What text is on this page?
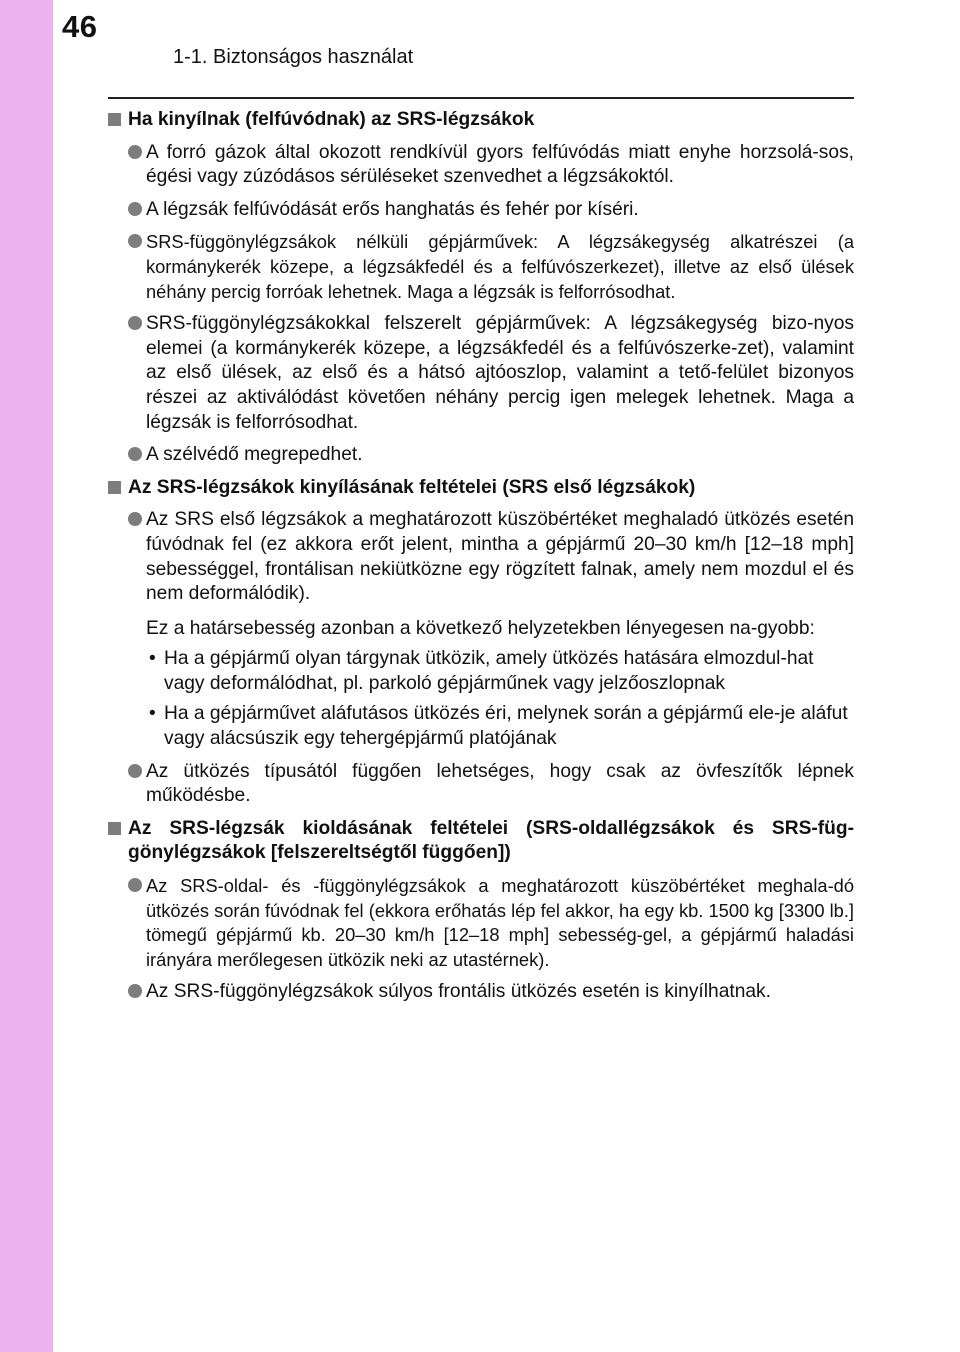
46
1-1. Biztonságos használat
Ha kinyílnak (felfúvódnak) az SRS-légzsákok
A forró gázok által okozott rendkívül gyors felfúvódás miatt enyhe horzsolá-sos, égési vagy zúzódásos sérüléseket szenvedhet a légzsákoktól.
A légzsák felfúvódását erős hanghatás és fehér por kíséri.
SRS-függönylégzsákok nélküli gépjárművek: A légzsákegység alkatrészei (a kormánykerék közepe, a légzsákfedél és a felfúvószerkezet), illetve az első ülések néhány percig forróak lehetnek. Maga a légzsák is felforrósodhat.
SRS-függönylégzsákokkal felszerelt gépjárművek: A légzsákegység bizo-nyos elemei (a kormánykerék közepe, a légzsákfedél és a felfúvószerke-zet), valamint az első ülések, az első és a hátsó ajtóoszlop, valamint a tető-felület bizonyos részei az aktiválódást követően néhány percig igen melegek lehetnek. Maga a légzsák is felforrósodhat.
A szélvédő megrepedhet.
Az SRS-légzsákok kinyílásának feltételei (SRS első légzsákok)
Az SRS első légzsákok a meghatározott küszöbértéket meghaladó ütközés esetén fúvódnak fel (ez akkora erőt jelent, mintha a gépjármű 20–30 km/h [12–18 mph] sebességgel, frontálisan nekiütközne egy rögzített falnak, amely nem mozdul el és nem deformálódik).
Ez a határsebesség azonban a következő helyzetekben lényegesen na-gyobb:
• Ha a gépjármű olyan tárgynak ütközik, amely ütközés hatására elmozdul-hat vagy deformálódhat, pl. parkoló gépjárműnek vagy jelzőoszlopnak
• Ha a gépjárművet aláfutásos ütközés éri, melynek során a gépjármű ele-je aláfut vagy alácsúszik egy tehergépjármű platójának
Az ütközés típusától függően lehetséges, hogy csak az övfeszítők lépnek működésbe.
Az SRS-légzsák kioldásának feltételei (SRS-oldallégzsákok és SRS-füg-gönylégzsákok [felszereltségtől függően])
Az SRS-oldal- és -függönylégzsákok a meghatározott küszöbértéket meghala-dó ütközés során fúvódnak fel (ekkora erőhatás lép fel akkor, ha egy kb. 1500 kg [3300 lb.] tömegű gépjármű kb. 20–30 km/h [12–18 mph] sebesség-gel, a gépjármű haladási irányára merőlegesen ütközik neki az utastérnek).
Az SRS-függönylégzsákok súlyos frontális ütközés esetén is kinyílhatnak.
